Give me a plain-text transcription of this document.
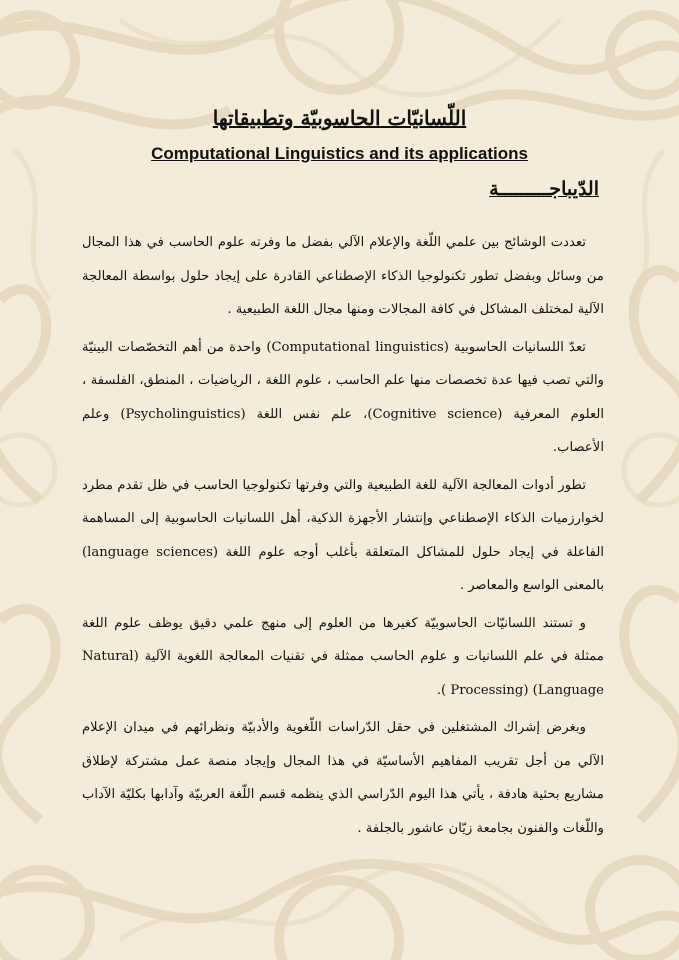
اللّسانيّات الحاسوبيّة وتطبيقاتها
Computational Linguistics and its applications
الدّيباجـــــــــة

تعددت الوشائج بين علمي اللّغة والإعلام الآلي بفضل ما وفرته علوم الحاسب في هذا المجال من وسائل وبفضل تطور تكنولوجيا الذكاء الإصطناعي القادرة على إيجاد حلول بواسطة المعالجة الآلية لمختلف المشاكل في كافة المجالات ومنها مجال اللغة الطبيعية .

تعدّ اللسانيات الحاسوبية (Computational linguistics) واحدة من أهم التخصّصات البينيّة والتي تصب فيها عدة تخصصات منها علم الحاسب ، علوم اللغة ، الرياضيات ، المنطق، الفلسفة ، العلوم المعرفية (Cognitive science)، علم نفس اللغة (Psycholinguistics) وعلم الأعصاب.

تطور أدوات المعالجة الآلية للغة الطبيعية والتي وفرتها تكنولوجيا الحاسب في ظل تقدم مطرد لخوارزميات الذكاء الإصطناعي وإنتشار الأجهزة الذكية، أهل اللسانيات الحاسوبية إلى المساهمة الفاعلة في إيجاد حلول للمشاكل المتعلقة بأغلب أوجه علوم اللغة (language sciences) بالمعنى الواسع والمعاصر .

و تستند اللسانيّات الحاسوبيّة كغيرها من العلوم إلى منهج علمي دقيق يوظف علوم اللغة ممثلة في علم اللسانيات و علوم الحاسب ممثلة في تقنيات المعالجة اللغوية الآلية (Natural Language) (Processing ).

وبغرض إشراك المشتغلين في حقل الدّراسات اللّغوية والأدبيّة ونظرائهم في ميدان الإعلام الآلي من أجل تقريب المفاهيم الأساسيّة في هذا المجال وإيجاد منصة عمل مشتركة لإطلاق مشاريع بحثية هادفة ، يأتي هذا اليوم الدّراسي الذي ينظمه قسم اللّغة العربيّة وآدابها بكليّة الآداب واللّغات والفنون بجامعة زيّان عاشور بالجلفة .
